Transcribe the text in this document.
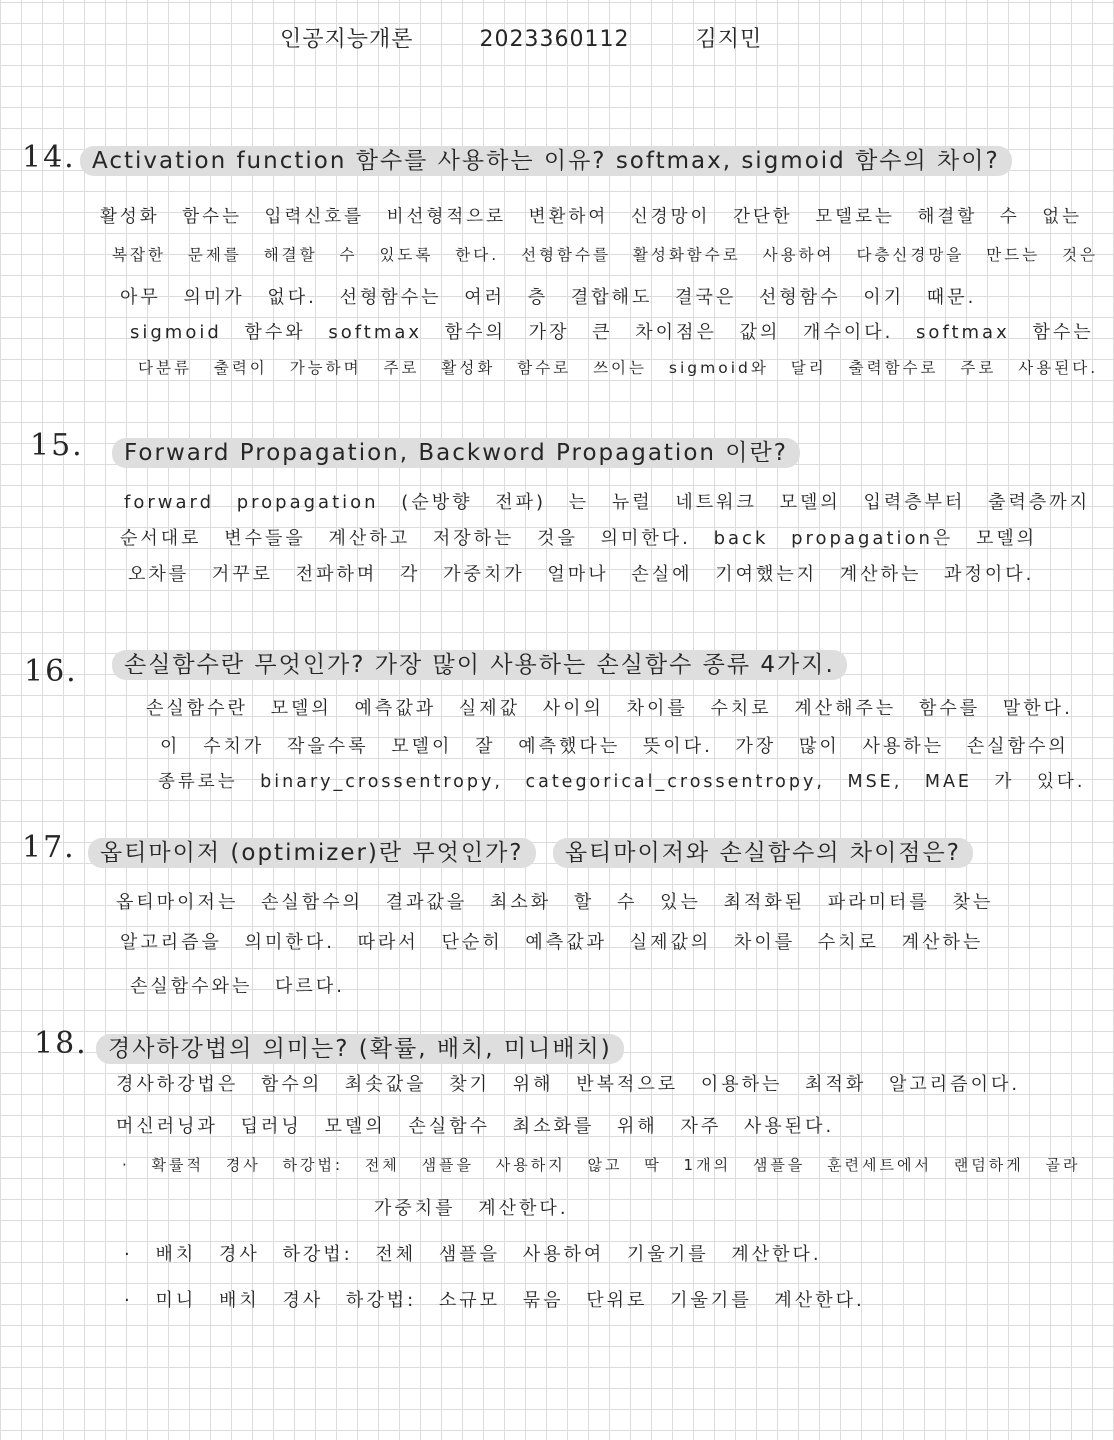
인공지능개론	2023360112	김지민
14. Activation function 함수를 사용하는 이유? softmax, sigmoid 함수의 차이?
활성화 함수는 입력신호를 비선형적으로 변환하여 신경망이 간단한 모델로는 해결할 수 없는
복잡한 문제를 해결할 수 있도록 한다. 선형함수를 활성화함수로 사용하여 다층신경망을 만드는 것은
아무 의미가 없다. 선형함수는 여러 층 결합해도 결국은 선형함수 이기 때문.
sigmoid 함수와 softmax 함수의 가장 큰 차이점은 값의 개수이다. softmax 함수는
다분류 출력이 가능하며 주로 활성화 함수로 쓰이는 sigmoid와 달리 출력함수로 주로 사용된다.
15.	Forward Propagation, Backword Propagation 이란?
forward propagation (순방향 전파) 는 뉴럴 네트워크 모델의 입력층부터 출력층까지
순서대로 변수들을 계산하고 저장하는 것을 의미한다. back propagation은 모델의
오차를 거꾸로 전파하며 각 가중치가 얼마나 손실에 기여했는지 계산하는 과정이다.
16.	손실함수란 무엇인가? 가장 많이 사용하는 손실함수 종류 4가지.
손실함수란 모델의 예측값과 실제값 사이의 차이를 수치로 계산해주는 함수를 말한다.
이 수치가 작을수록 모델이 잘 예측했다는 뜻이다. 가장 많이 사용하는 손실함수의
종류로는 binary_crossentropy, categorical_crossentropy, MSE, MAE 가 있다.
17.	옵티마이저 (optimizer)란 무엇인가? 옵티마이저와 손실함수의 차이점은?
옵티마이저는 손실함수의 결과값을 최소화 할 수 있는 최적화된 파라미터를 찾는
알고리즘을 의미한다. 따라서 단순히 예측값과 실제값의 차이를 수치로 계산하는
손실함수와는 다르다.
18. 경사하강법의 의미는? (확률, 배치, 미니배치)
경사하강법은 함수의 최솟값을 찾기 위해 반복적으로 이용하는 최적화 알고리즘이다.
머신러닝과 딥러닝 모델의 손실함수 최소화를 위해 자주 사용된다.
· 확률적 경사 하강법: 전체 샘플을 사용하지 않고 딱 1개의 샘플을 훈련세트에서 랜덤하게 골라
가중치를 계산한다.
· 배치 경사 하강법: 전체 샘플을 사용하여 기울기를 계산한다.
· 미니 배치 경사 하강법: 소규모 묶음 단위로 기울기를 계산한다.
